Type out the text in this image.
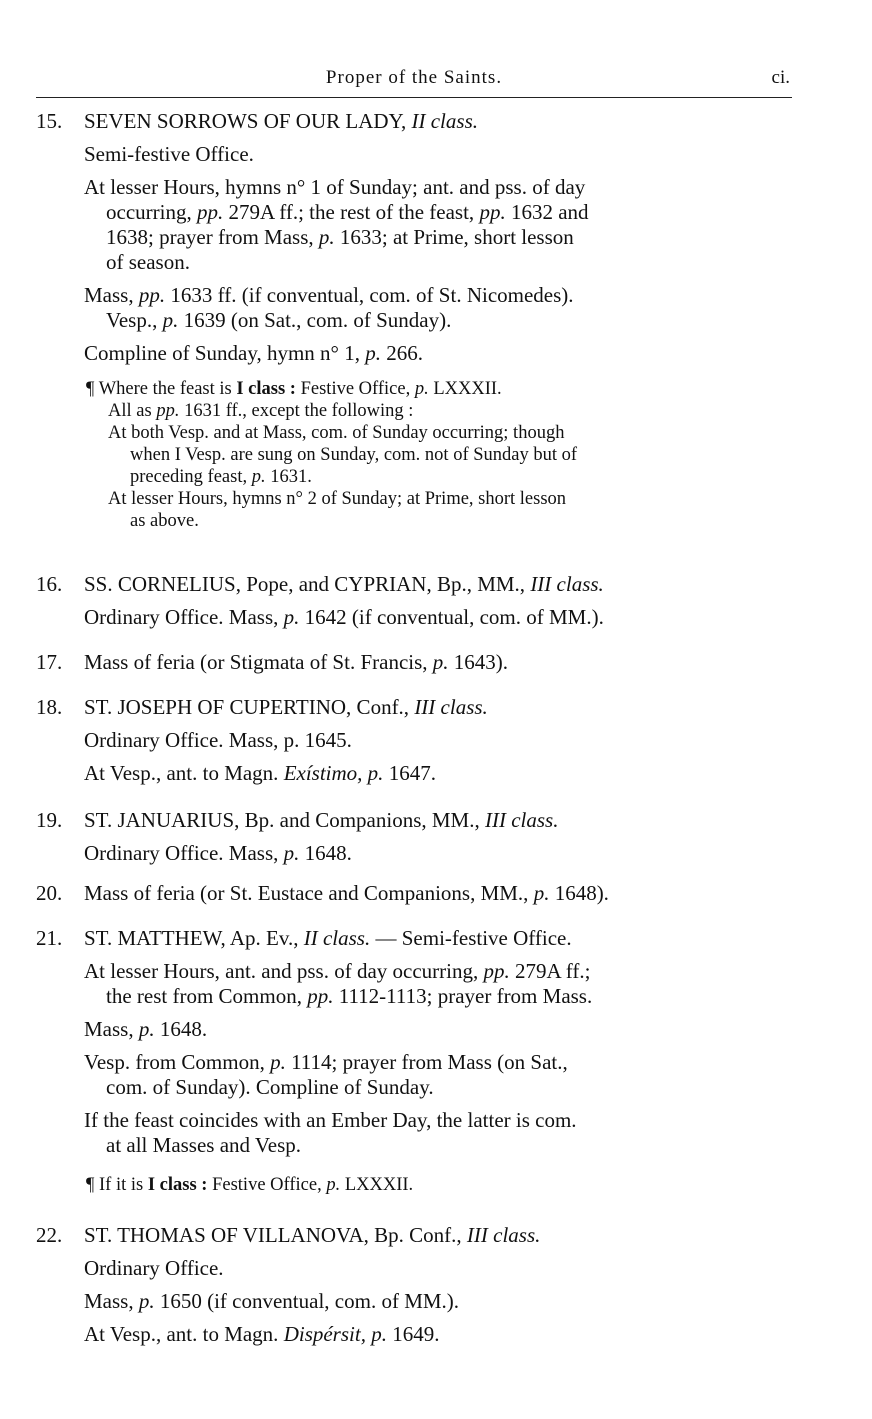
Proper of the Saints.	ci.
15.	SEVEN SORROWS OF OUR LADY, II class.

Semi-festive Office.

At lesser Hours, hymns n° 1 of Sunday; ant. and pss. of day
occurring, pp. 279A ff.; the rest of the feast, pp. 1632 and
1638; prayer from Mass, p. 1633; at Prime, short lesson
of season.
Mass, pp. 1633 ff. (if conventual, com. of St. Nicomedes).
Vesp., p. 1639 (on Sat., com. of Sunday).

Compline of Sunday, hymn n° 1, p. 266.

¶ Where the feast is I class : Festive Office, p. LXXXII.
All as pp. 1631 ff., except the following :
At both Vesp. and at Mass, com. of Sunday occurring; though
when I Vesp. are sung on Sunday, com. not of Sunday but of
preceding feast, p. 1631.
At lesser Hours, hymns n° 2 of Sunday; at Prime, short lesson
as above.
16.	SS. CORNELIUS, Pope, and CYPRIAN, Bp., MM., III class.

Ordinary Office. Mass, p. 1642 (if conventual, com. of MM.).

17.	Mass of feria (or Stigmata of St. Francis, p. 1643).

18.	ST. JOSEPH OF CUPERTINO, Conf., III class.

Ordinary Office. Mass, p. 1645.

At Vesp., ant. to Magn. Exístimo, p. 1647.

19.	ST. JANUARIUS, Bp. and Companions, MM., III class.

Ordinary Office. Mass, p. 1648.

20.	Mass of feria (or St. Eustace and Companions, MM., p. 1648).

21.	ST. MATTHEW, Ap. Ev., II class. — Semi-festive Office.

At lesser Hours, ant. and pss. of day occurring, pp. 279A ff.;
the rest from Common, pp. 1112-1113; prayer from Mass.

Mass, p. 1648.

Vesp. from Common, p. 1114; prayer from Mass (on Sat.,
com. of Sunday). Compline of Sunday.
If the feast coincides with an Ember Day, the latter is com.
at all Masses and Vesp.
¶ If it is I class : Festive Office, p. LXXXII.
22.	ST. THOMAS OF VILLANOVA, Bp. Conf., III class.

Ordinary Office.

Mass, p. 1650 (if conventual, com. of MM.).

At Vesp., ant. to Magn. Dispérsit, p. 1649.
